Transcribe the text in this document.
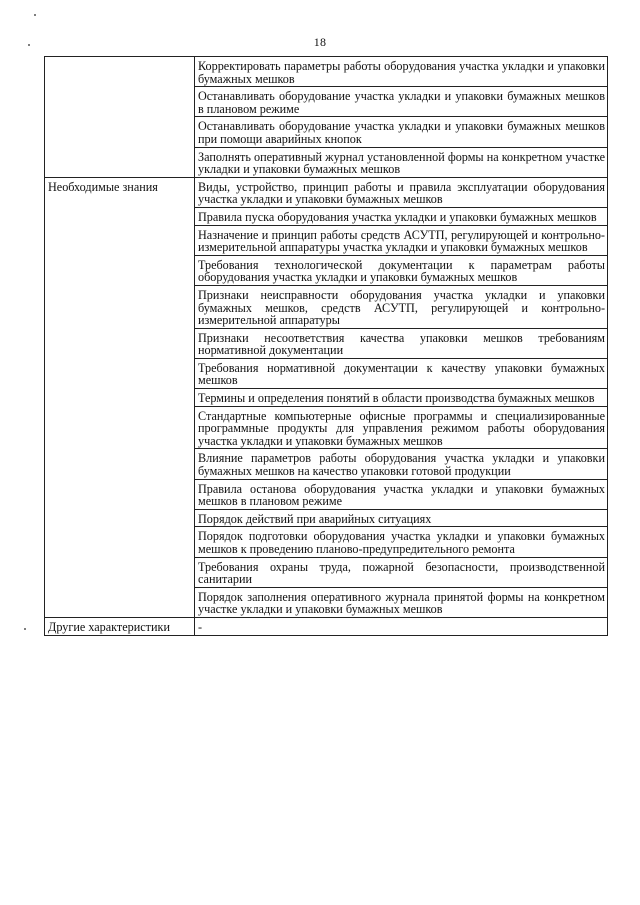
18
	Корректировать параметры работы оборудования участка укладки и упаковки бумажных мешков
	Останавливать оборудование участка укладки и упаковки бумажных мешков в плановом режиме
	Останавливать оборудование участка укладки и упаковки бумажных мешков при помощи аварийных кнопок
	Заполнять оперативный журнал установленной формы на конкретном участке укладки и упаковки бумажных мешков
Необходимые знания	Виды, устройство, принцип работы и правила эксплуатации оборудования участка укладки и упаковки бумажных мешков
	Правила пуска оборудования участка укладки и упаковки бумажных мешков
	Назначение и принцип работы средств АСУТП, регулирующей и контрольно-измерительной аппаратуры участка укладки и упаковки бумажных мешков
	Требования технологической документации к параметрам работы оборудования участка укладки и упаковки бумажных мешков
	Признаки неисправности оборудования участка укладки и упаковки бумажных мешков, средств АСУТП, регулирующей и контрольно-измерительной аппаратуры
	Признаки несоответствия качества упаковки мешков требованиям нормативной документации
	Требования нормативной документации к качеству упаковки бумажных мешков
	Термины и определения понятий в области производства бумажных мешков
	Стандартные компьютерные офисные программы и специализированные программные продукты для управления режимом работы оборудования участка укладки и упаковки бумажных мешков
	Влияние параметров работы оборудования участка укладки и упаковки бумажных мешков на качество упаковки готовой продукции
	Правила останова оборудования участка укладки и упаковки бумажных мешков в плановом режиме
	Порядок действий при аварийных ситуациях
	Порядок подготовки оборудования участка укладки и упаковки бумажных мешков к проведению планово-предупредительного ремонта
	Требования охраны труда, пожарной безопасности, производственной санитарии
	Порядок заполнения оперативного журнала принятой формы на конкретном участке укладки и упаковки бумажных мешков
Другие характеристики	-
